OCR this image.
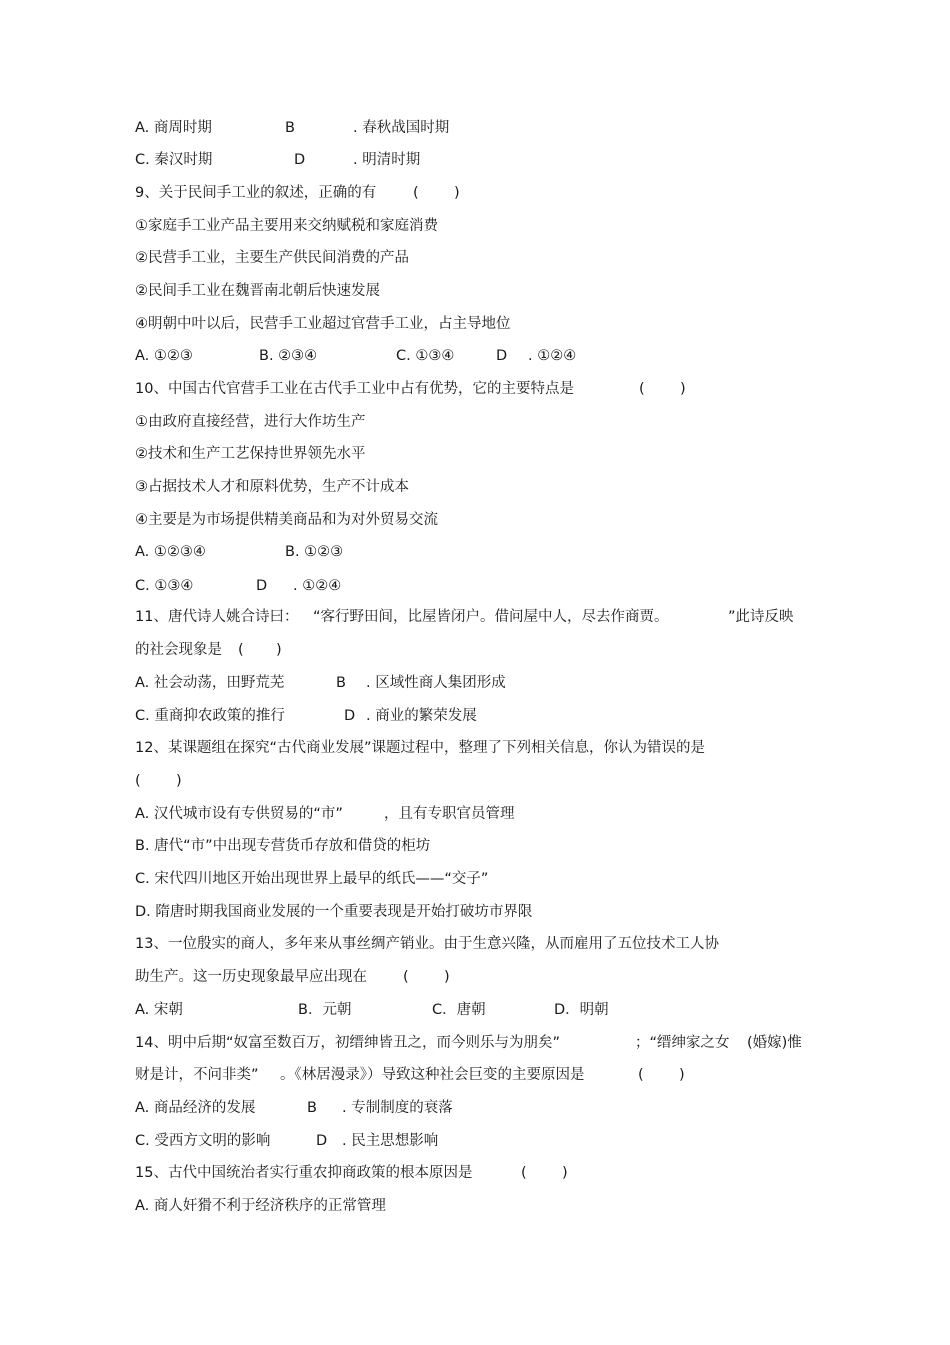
A. 商周时期

	B

	. 春秋战国时期

C. 秦汉时期

	D

	. 明清时期

9、关于民间手工业的叙述，正确的有

	(

)

①家庭手工业产品主要用来交纳赋税和家庭消费

②民营手工业，主要生产供民间消费的产品

②民间手工业在魏晋南北朝后快速发展

④明朝中叶以后，民营手工业超过官营手工业，占主导地位

A. ①②③

	B. ②③④

	C. ①③④

	D

. ①②④

10、中国古代官营手工业在古代手工业中占有优势，它的主要特点是

	(

)

①由政府直接经营，进行大作坊生产

②技术和生产工艺保持世界领先水平

③占据技术人才和原料优势，生产不计成本

④主要是为市场提供精美商品和为对外贸易交流

A. ①②③④

	B. ①②③

C. ①③④

	D

. ①②④

11、唐代诗人姚合诗曰：

“客行野田间，比屋皆闭户。借问屋中人，尽去作商贾。

	”此诗反映

的社会现象是

(

)

A. 社会动荡，田野荒芜

	B

. 区域性商人集团形成

C. 重商抑农政策的推行

	D

. 商业的繁荣发展

12、某课题组在探究“古代商业发展”课题过程中，整理了下列相关信息，你认为错误的是

(

)

A. 汉代城市设有专供贸易的“市”

	，且有专职官员管理

B. 唐代“市”中出现专营货币存放和借贷的柜坊

C. 宋代四川地区开始出现世界上最早的纸氏——“交子”

D. 隋唐时期我国商业发展的一个重要表现是开始打破坊市界限

13、一位殷实的商人，多年来从事丝绸产销业。由于生意兴隆，从而雇用了五位技术工人协

助生产。这一历史现象最早应出现在

(

)

A. 宋朝

	B．元朝

	C．唐朝

	D．明朝

14、明中后期“奴富至数百万，初缙绅皆丑之，而今则乐与为朋矣”

	；“缙绅家之女

(婚嫁)惟

财是计，不问非类”

。《林居漫录》）导致这种社会巨变的主要原因是

	(

)

A. 商品经济的发展

	B

. 专制制度的衰落

C. 受西方文明的影响

	D

. 民主思想影响

15、古代中国统治者实行重农抑商政策的根本原因是

	(

)

A. 商人奸猾不利于经济秩序的正常管理
